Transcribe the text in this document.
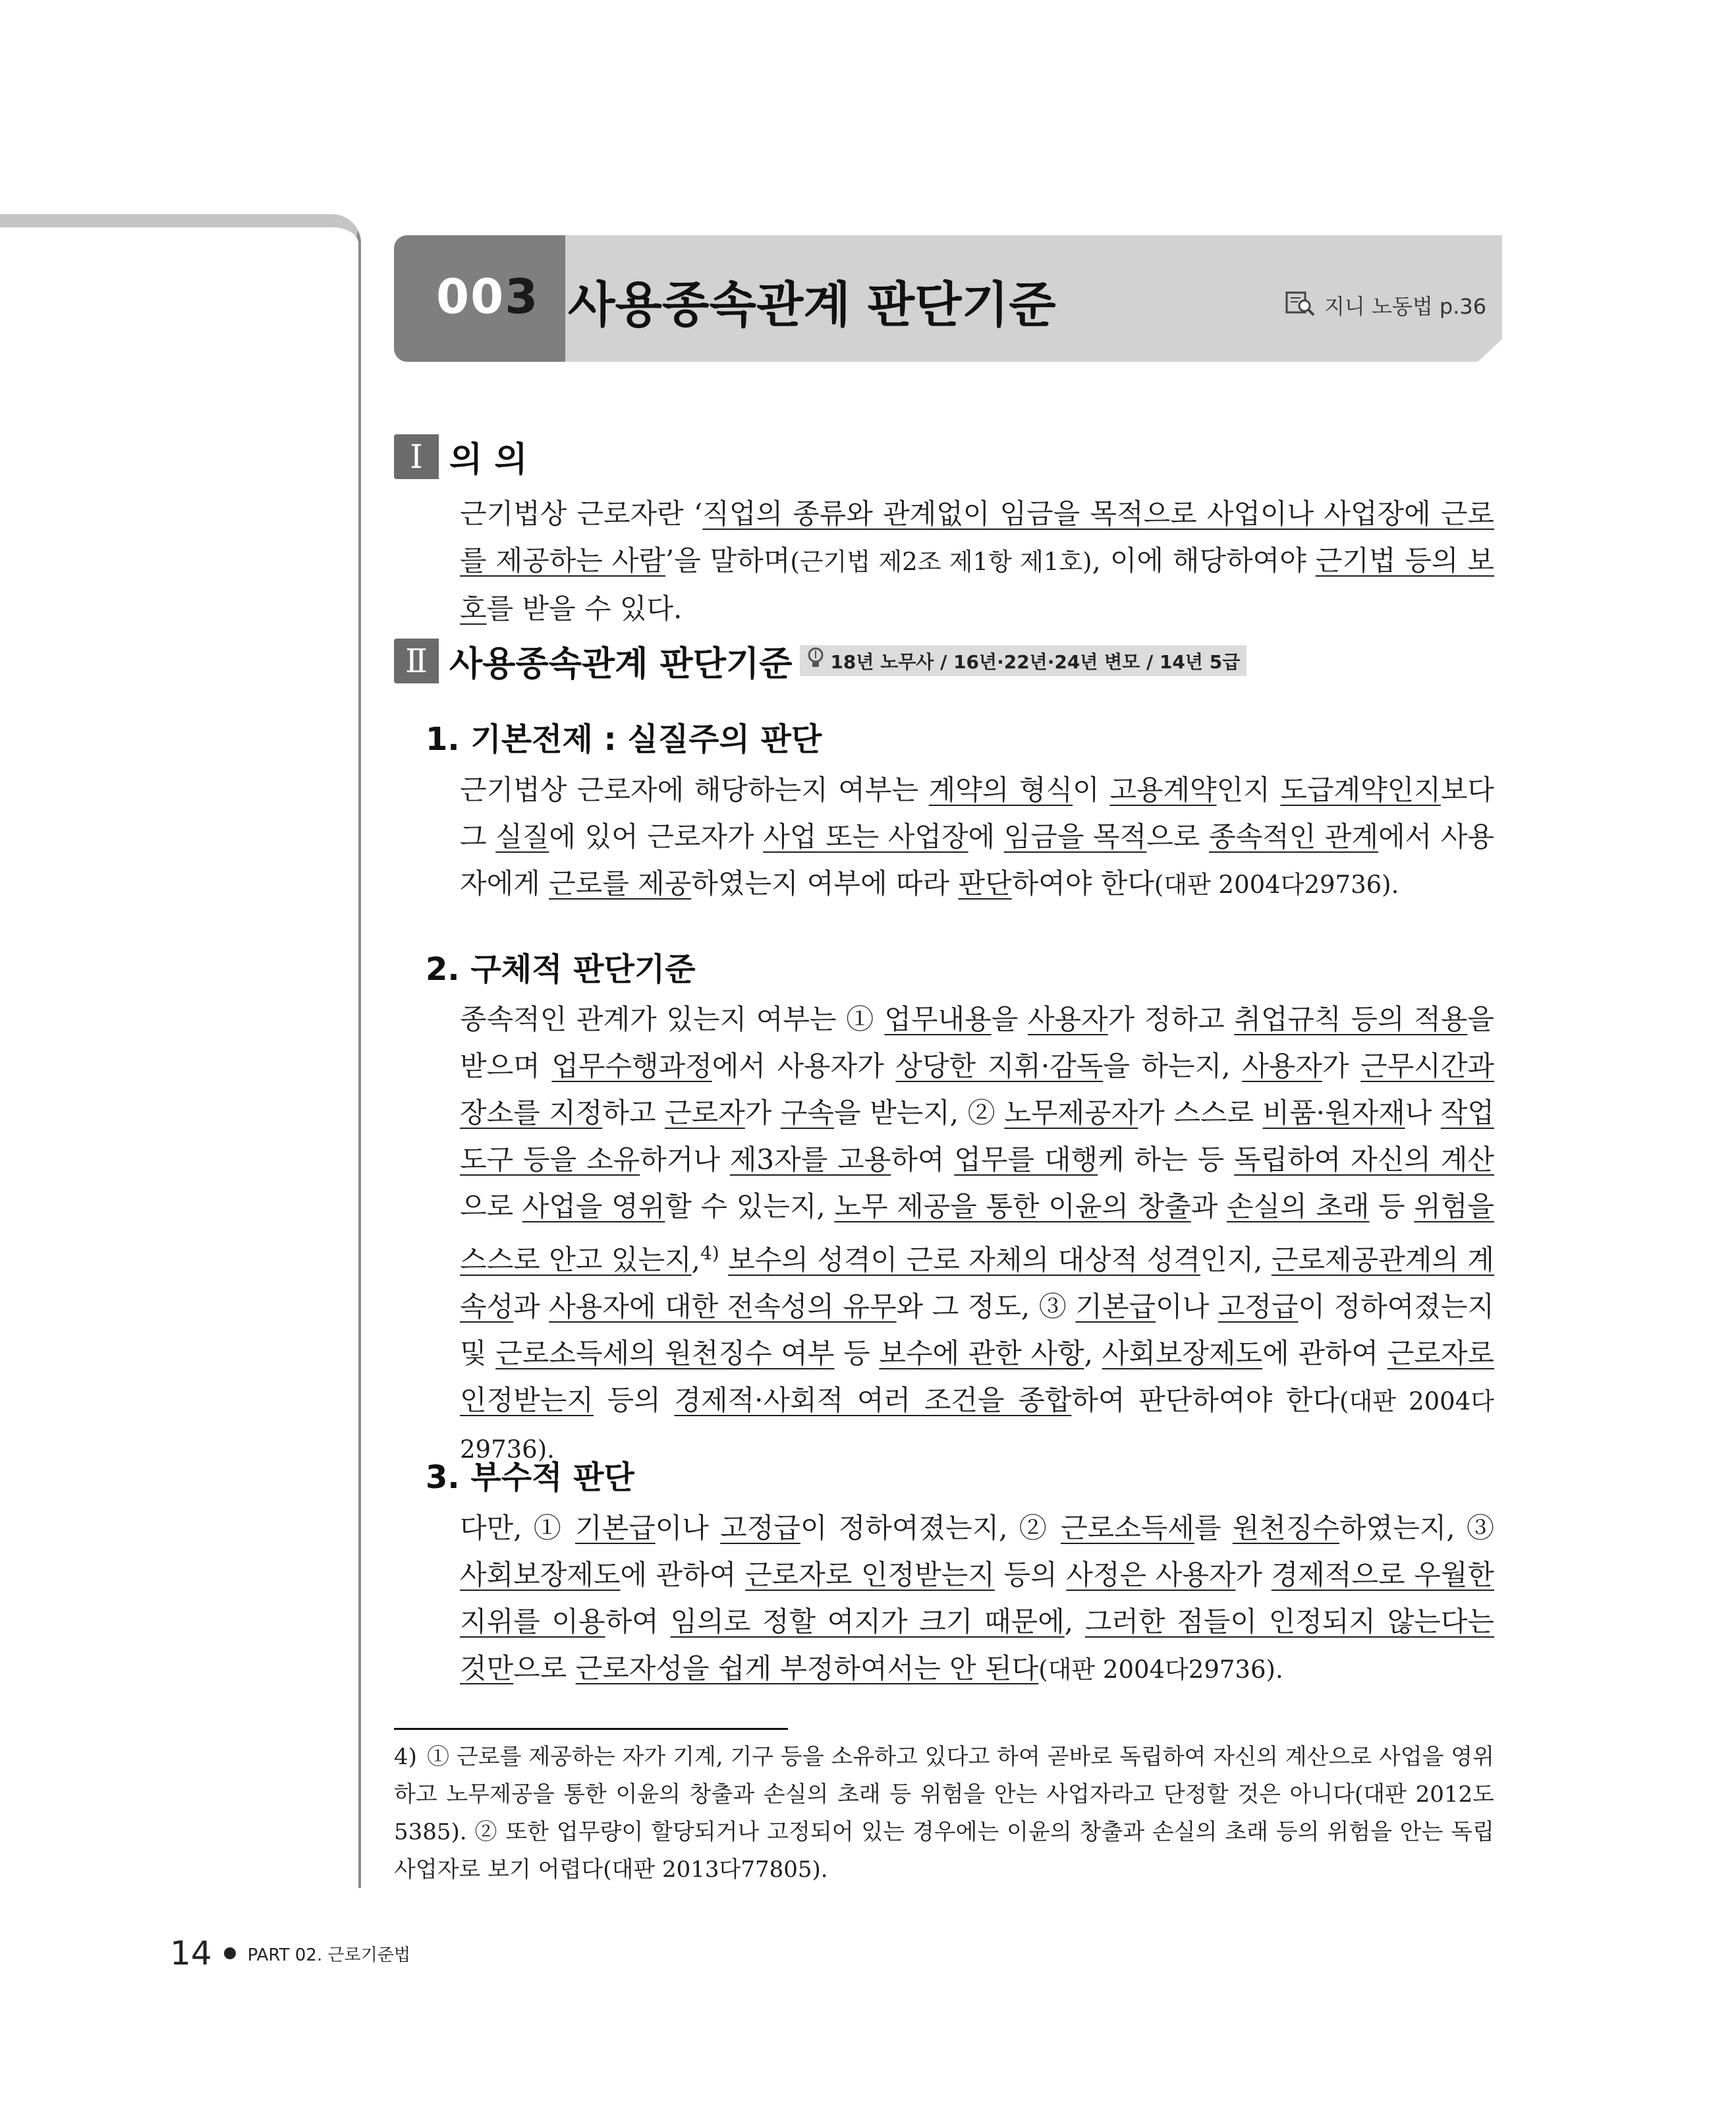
003 사용종속관계 판단기준	지니 노동법 p.36
Ⅰ 의 의
근기법상 근로자란 ‘직업의 종류와 관계없이 임금을 목적으로 사업이나 사업장에 근로를 제공하는 사람’을 말하며(근기법 제2조 제1항 제1호), 이에 해당하여야 근기법 등의 보호를 받을 수 있다.
Ⅱ 사용종속관계 판단기준 18년 노무사 / 16년·22년·24년 변모 / 14년 5급
1. 기본전제 : 실질주의 판단
근기법상 근로자에 해당하는지 여부는 계약의 형식이 고용계약인지 도급계약인지보다 그 실질에 있어 근로자가 사업 또는 사업장에 임금을 목적으로 종속적인 관계에서 사용자에게 근로를 제공하였는지 여부에 따라 판단하여야 한다(대판 2004다29736).
2. 구체적 판단기준
종속적인 관계가 있는지 여부는 ① 업무내용을 사용자가 정하고 취업규칙 등의 적용을 받으며 업무수행과정에서 사용자가 상당한 지휘·감독을 하는지, 사용자가 근무시간과 장소를 지정하고 근로자가 구속을 받는지, ② 노무제공자가 스스로 비품·원자재나 작업도구 등을 소유하거나 제3자를 고용하여 업무를 대행케 하는 등 독립하여 자신의 계산으로 사업을 영위할 수 있는지, 노무 제공을 통한 이윤의 창출과 손실의 초래 등 위험을 스스로 안고 있는지,$^{4)}$ 보수의 성격이 근로 자체의 대상적 성격인지, 근로제공관계의 계속성과 사용자에 대한 전속성의 유무와 그 정도, ③ 기본급이나 고정급이 정하여졌는지 및 근로소득세의 원천징수 여부 등 보수에 관한 사항, 사회보장제도에 관하여 근로자로 인정받는지 등의 경제적·사회적 여러 조건을 종합하여 판단하여야 한다(대판 2004다29736).
3. 부수적 판단
다만, ① 기본급이나 고정급이 정하여졌는지, ② 근로소득세를 원천징수하였는지, ③ 사회보장제도에 관하여 근로자로 인정받는지 등의 사정은 사용자가 경제적으로 우월한 지위를 이용하여 임의로 정할 여지가 크기 때문에, 그러한 점들이 인정되지 않는다는 것만으로 근로자성을 쉽게 부정하여서는 안 된다(대판 2004다29736).
4) ① 근로를 제공하는 자가 기계, 기구 등을 소유하고 있다고 하여 곧바로 독립하여 자신의 계산으로 사업을 영위하고 노무제공을 통한 이윤의 창출과 손실의 초래 등 위험을 안는 사업자라고 단정할 것은 아니다(대판 2012도5385). ② 또한 업무량이 할당되거나 고정되어 있는 경우에는 이윤의 창출과 손실의 초래 등의 위험을 안는 독립사업자로 보기 어렵다(대판 2013다77805).
14 PART 02. 근로기준법
